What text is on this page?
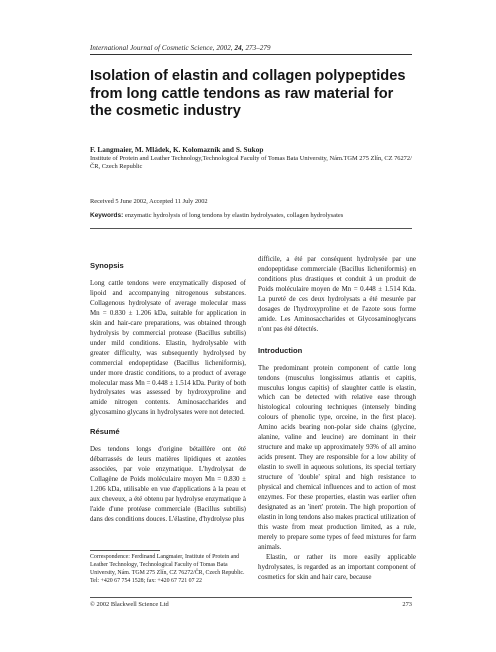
International Journal of Cosmetic Science, 2002, 24, 273–279
Isolation of elastin and collagen polypeptides from long cattle tendons as raw material for the cosmetic industry
F. Langmaier, M. Mládek, K. Kolomazník and S. Sukop
Institute of Protein and Leather Technology,Technological Faculty of Tomas Bata University, Nám.TGM 275 Zlín, CZ 76272/ČR, Czech Republic
Received 5 June 2002, Accepted 11 July 2002
Keywords: enzymatic hydrolysis of long tendons by elastin hydrolysates, collagen hydrolysates
Synopsis

Long cattle tendons were enzymatically disposed of lipoid and accompanying nitrogenous substances. Collagenous hydrolysate of average molecular mass Mn = 0.830 ± 1.206 kDa, suitable for application in skin and hair-care preparations, was obtained through hydrolysis by commercial protease (Bacillus subtilis) under mild conditions. Elastin, hydrolysable with greater difficulty, was subsequently hydrolysed by commercial endopeptidase (Bacillus licheniformis), under more drastic conditions, to a product of average molecular mass Mn = 0.448 ± 1.514 kDa. Purity of both hydrolysates was assessed by hydroxyproline and amide nitrogen contents. Aminosaccharides and glycosamino glycans in hydrolysates were not detected.

Résumé

Des tendons longs d'origine bétaillère ont été débarrassés de leurs matières lipidiques et azotées associées, par voie enzymatique. L'hydrolysat de Collagène de Poids moléculaire moyen Mn = 0.830 ± 1.206 kDa, utilisable en vue d'applications à la peau et aux cheveux, a été obtenu par hydrolyse enzymatique à l'aide d'une protéase commerciale (Bacillus subtilis) dans des conditions douces. L'élastine, d'hydrolyse plus

difficile, a été par conséquent hydrolysée par une endopeptidase commerciale (Bacillus licheniformis) en conditions plus drastiques et conduit à un produit de Poids moléculaire moyen de Mn = 0.448 ± 1.514 Kda. La pureté de ces deux hydrolysats a été mesurée par dosages de l'hydroxyproline et de l'azote sous forme amide. Les Aminosaccharides et Glycosaminoglycans n'ont pas été détectés.

Introduction

The predominant protein component of cattle long tendons (musculus longissimus atlantis et capitis, musculus longus capitis) of slaughter cattle is elastin, which can be detected with relative ease through histological colouring techniques (intensely binding colours of phenolic type, orceine, in the first place). Amino acids bearing non-polar side chains (glycine, alanine, valine and leucine) are dominant in their structure and make up approximately 93% of all amino acids present. They are responsible for a low ability of elastin to swell in aqueous solutions, its special tertiary structure of 'double' spiral and high resistance to physical and chemical influences and to action of most enzymes. For these properties, elastin was earlier often designated as an 'inert' protein. The high proportion of elastin in long tendons also makes practical utilization of this waste from meat production limited, as a rule, merely to prepare some types of feed mixtures for farm animals.

Elastin, or rather its more easily applicable hydrolysates, is regarded as an important component of cosmetics for skin and hair care, because

Correspondence: Ferdinand Langmaier, Institute of Protein and Leather Technology, Technological Faculty of Tomas Bata University, Nám. TGM 275 Zlín, CZ 76272/ČR, Czech Republic. Tel: +420 67 754 1528; fax: +420 67 721 07 22
© 2002 Blackwell Science Ltd	273
